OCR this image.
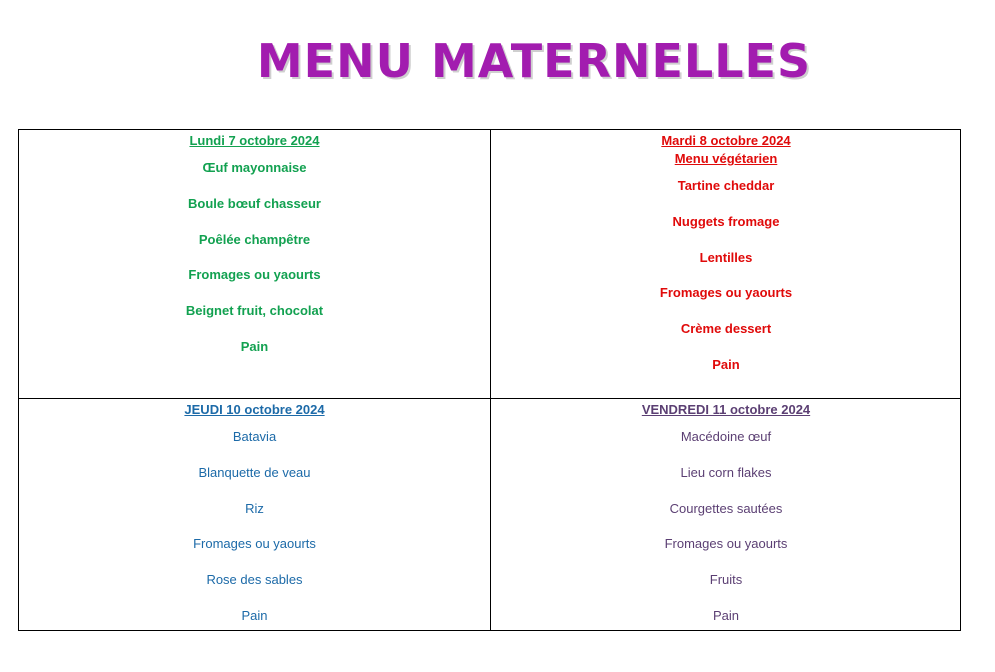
MENU MATERNELLES
Lundi 7 octobre 2024
Œuf mayonnaise
Boule bœuf chasseur
Poêlée champêtre
Fromages ou yaourts
Beignet fruit, chocolat
Pain
Mardi 8 octobre 2024
Menu végétarien
Tartine cheddar
Nuggets fromage
Lentilles
Fromages ou yaourts
Crème dessert
Pain
JEUDI 10 octobre 2024
Batavia
Blanquette de veau
Riz
Fromages ou yaourts
Rose des sables
Pain
VENDREDI 11 octobre 2024
Macédoine œuf
Lieu corn flakes
Courgettes sautées
Fromages ou yaourts
Fruits
Pain
